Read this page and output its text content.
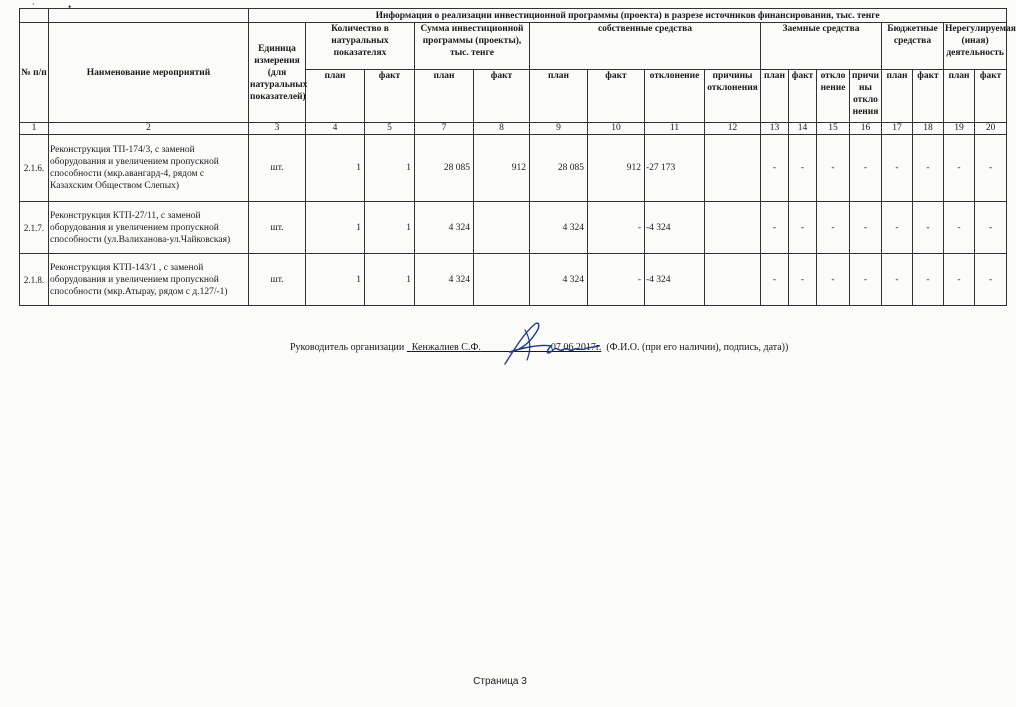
`	•
		Информация о реализации инвестиционной программы (проекта) в разрезе источников финансирования, тыс. тенге																
№ п/п	Наименование мероприятий	Единица измерения (для натуральных показателей)	Количество в натуральных показателях		Сумма инвестиционной программы (проекты), тыс. тенге		собственные средства				Заемные средства				Бюджетные средства		Нерегулируемая (иная) деятельность	
			план	факт	план	факт	план	факт	отклонение	причины отклонения	план	факт	откло нение	причи ны откло нения	план	факт	план	факт
1	2	3	4	5	7	8	9	10	11	12	13	14	15	16	17	18	19	20
2.1.6.	Реконструкция ТП-174/3, с заменой оборудования и увеличением пропускной способности (мкр.авангард-4, рядом с Казахским Обществом Слепых)	шт.	1	1	28 085	912	28 085	912	-27 173		-	-	-	-	-	-	-	-
2.1.7.	Реконструкция КТП-27/11, с заменой оборудования и увеличением пропускной способности (ул.Валиханова-ул.Чайковская)	шт.	1	1	4 324		4 324	-	-4 324		-	-	-	-	-	-	-	-
2.1.8.	Реконструкция КТП-143/1 , с заменой оборудования и увеличением пропускной способности (мкр.Атырау, рядом с д.127/-1)	шт.	1	1	4 324		4 324	-	-4 324		-	-	-	-	-	-	-	-
Руководитель организации Кенжалиев С.Ф.	07.06.2017г. (Ф.И.О. (при его наличии), подпись, дата))
Страница 3
